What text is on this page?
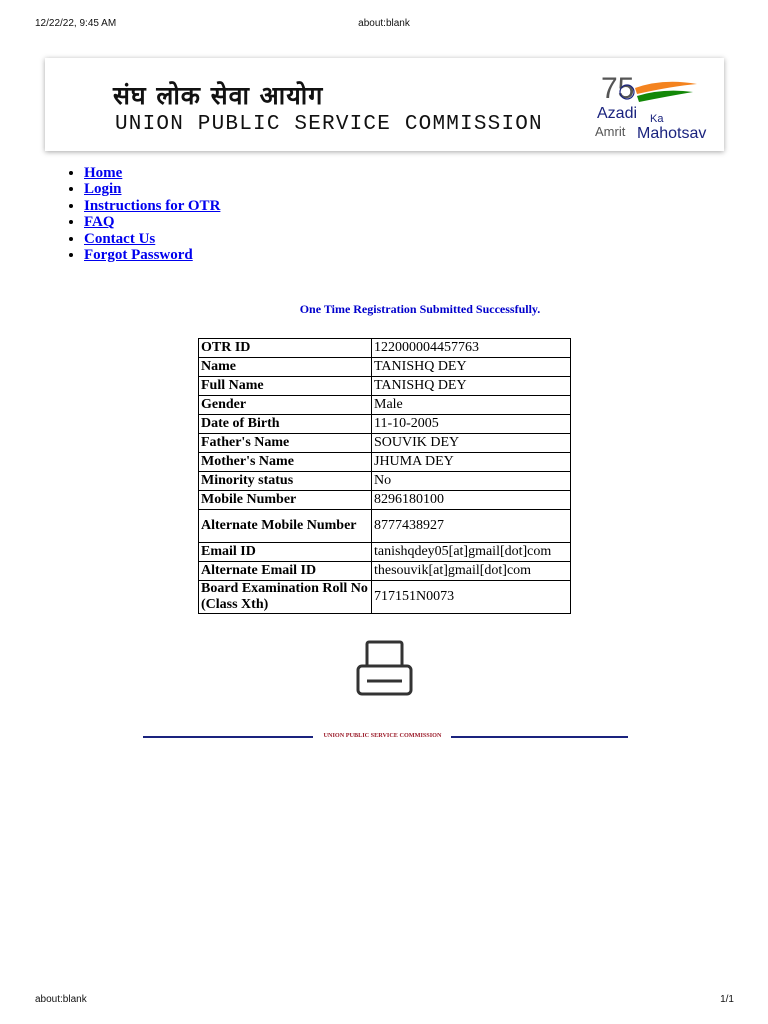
12/22/22, 9:45 AM	about:blank
संघ लोक सेवा आयोग
UNION PUBLIC SERVICE COMMISSION
75
Azadi Ka
Amrit Mahotsav
• Home
• Login
• Instructions for OTR
• FAQ
• Contact Us
• Forgot Password
One Time Registration Submitted Successfully.
OTR ID	122000004457763
Name	TANISHQ DEY
Full Name	TANISHQ DEY
Gender	Male
Date of Birth	11-10-2005
Father's Name	SOUVIK DEY
Mother's Name	JHUMA DEY
Minority status	No
Mobile Number	8296180100
Alternate Mobile Number	8777438927
Email ID	tanishqdey05[at]gmail[dot]com
Alternate Email ID	thesouvik[at]gmail[dot]com
Board Examination Roll No (Class Xth)	717151N0073
UNION PUBLIC SERVICE COMMISSION
about:blank	1/1
